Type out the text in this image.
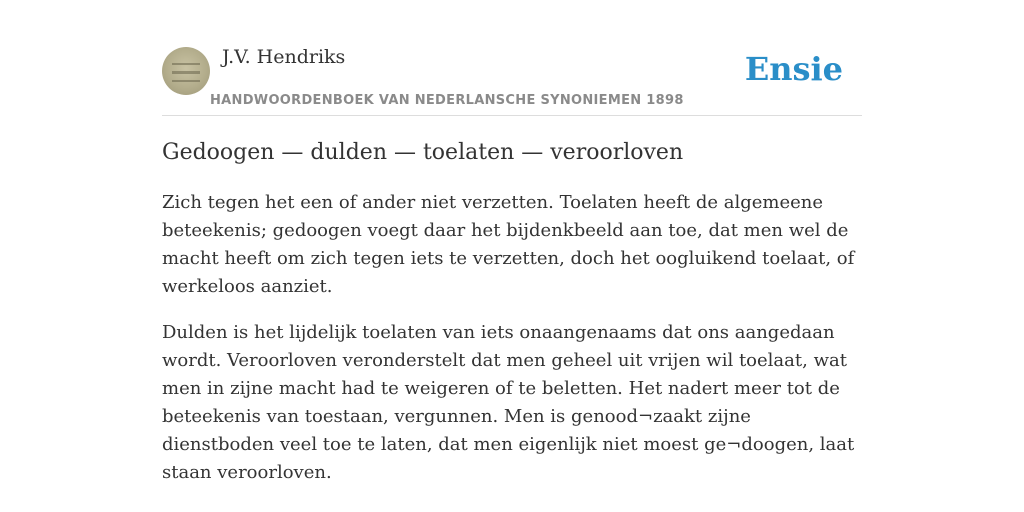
J.V. Hendriks
HANDWOORDENBOEK VAN NEDERLANSCHE SYNONIEMEN 1898
Ensie
Gedoogen — dulden — toelaten — veroorloven

Zich tegen het een of ander niet verzetten. Toelaten heeft de algemeene beteekenis; gedoogen voegt daar het bijdenkbeeld aan toe, dat men wel de macht heeft om zich tegen iets te verzetten, doch het oogluikend toelaat, of werkeloos aanziet.

Dulden is het lijdelijk toelaten van iets onaangenaams dat ons aangedaan wordt. Veroorloven veronderstelt dat men geheel uit vrijen wil toelaat, wat men in zijne macht had te weigeren of te beletten. Het nadert meer tot de beteekenis van toestaan, vergunnen. Men is genood¬zaakt zijne dienstboden veel toe te laten, dat men eigenlijk niet moest ge¬doogen, laat staan veroorloven.
